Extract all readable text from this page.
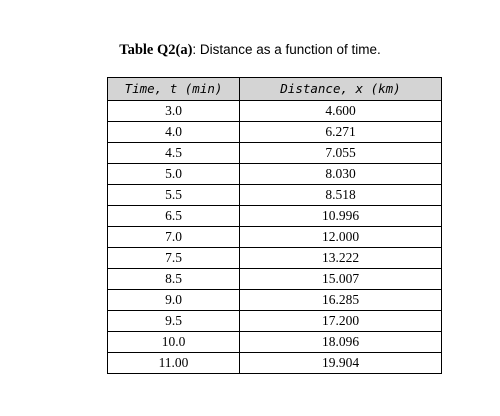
Table Q2(a): Distance as a function of time.
Time, t (min)	Distance, x (km)
3.0	4.600
4.0	6.271
4.5	7.055
5.0	8.030
5.5	8.518
6.5	10.996
7.0	12.000
7.5	13.222
8.5	15.007
9.0	16.285
9.5	17.200
10.0	18.096
11.00	19.904
